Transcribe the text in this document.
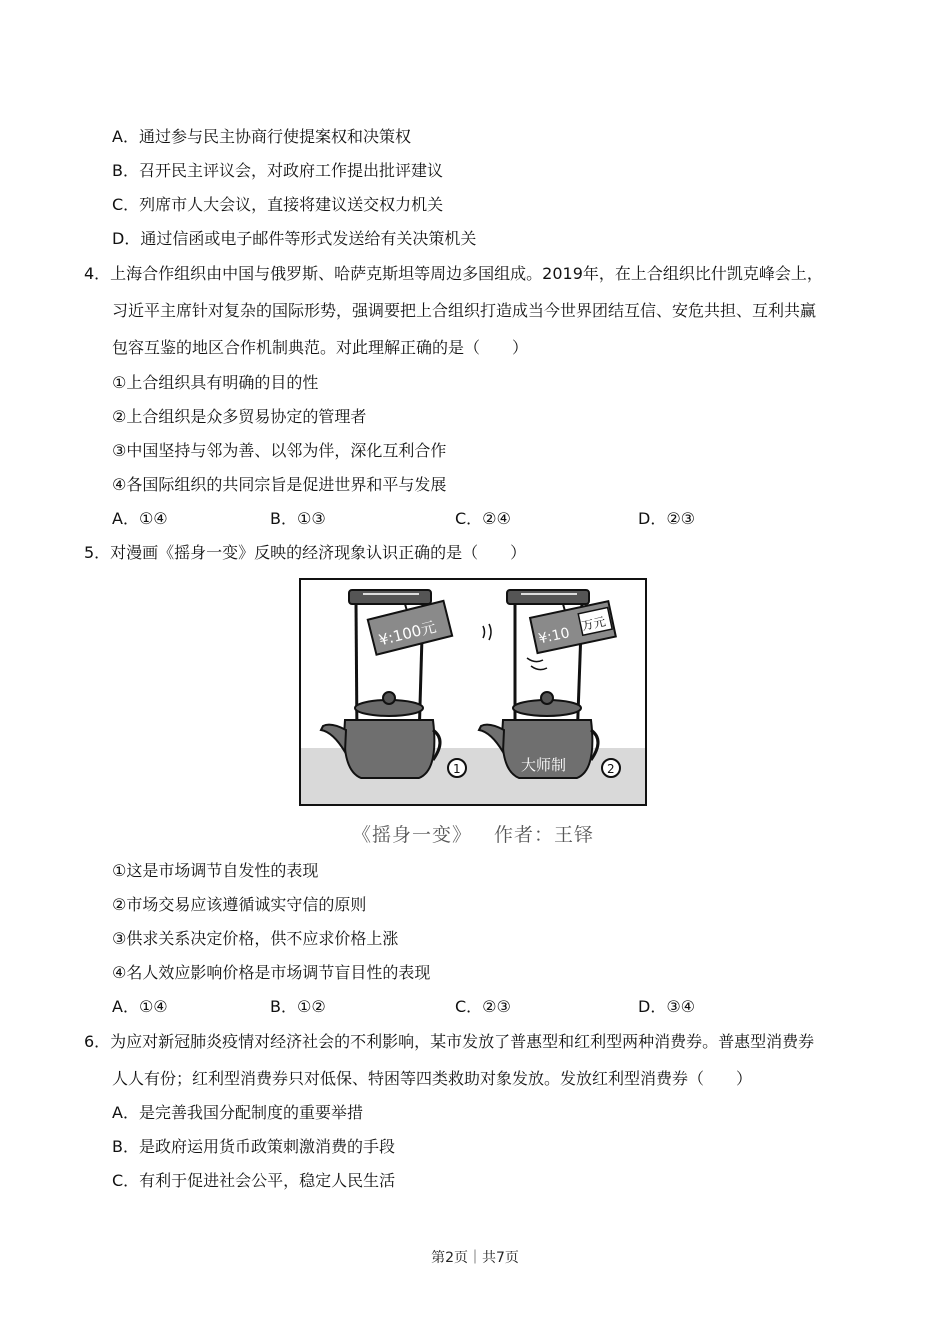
A．通过参与民主协商行使提案权和决策权
B．召开民主评议会，对政府工作提出批评建议
C．列席市人大会议，直接将建议送交权力机关
D．通过信函或电子邮件等形式发送给有关决策机关
4．上海合作组织由中国与俄罗斯、哈萨克斯坦等周边多国组成。2019年，在上合组织比什凯克峰会上，
习近平主席针对复杂的国际形势，强调要把上合组织打造成当今世界团结互信、安危共担、互利共赢
包容互鉴的地区合作机制典范。对此理解正确的是（　　）
①上合组织具有明确的目的性
②上合组织是众多贸易协定的管理者
③中国坚持与邻为善、以邻为伴，深化互利合作
④各国际组织的共同宗旨是促进世界和平与发展
A．①④	B．①③	C．②④	D．②③
5．对漫画《摇身一变》反映的经济现象认识正确的是（　　）
¥:100元	¥:10
万元
大师制
1	2
《摇身一变》 作者：王铎
①这是市场调节自发性的表现
②市场交易应该遵循诚实守信的原则
③供求关系决定价格，供不应求价格上涨
④名人效应影响价格是市场调节盲目性的表现
A．①④	B．①②	C．②③	D．③④
6．为应对新冠肺炎疫情对经济社会的不利影响，某市发放了普惠型和红利型两种消费券。普惠型消费券
人人有份；红利型消费券只对低保、特困等四类救助对象发放。发放红利型消费券（　　）
A．是完善我国分配制度的重要举措
B．是政府运用货币政策刺激消费的手段
C．有利于促进社会公平，稳定人民生活
第2页｜共7页
